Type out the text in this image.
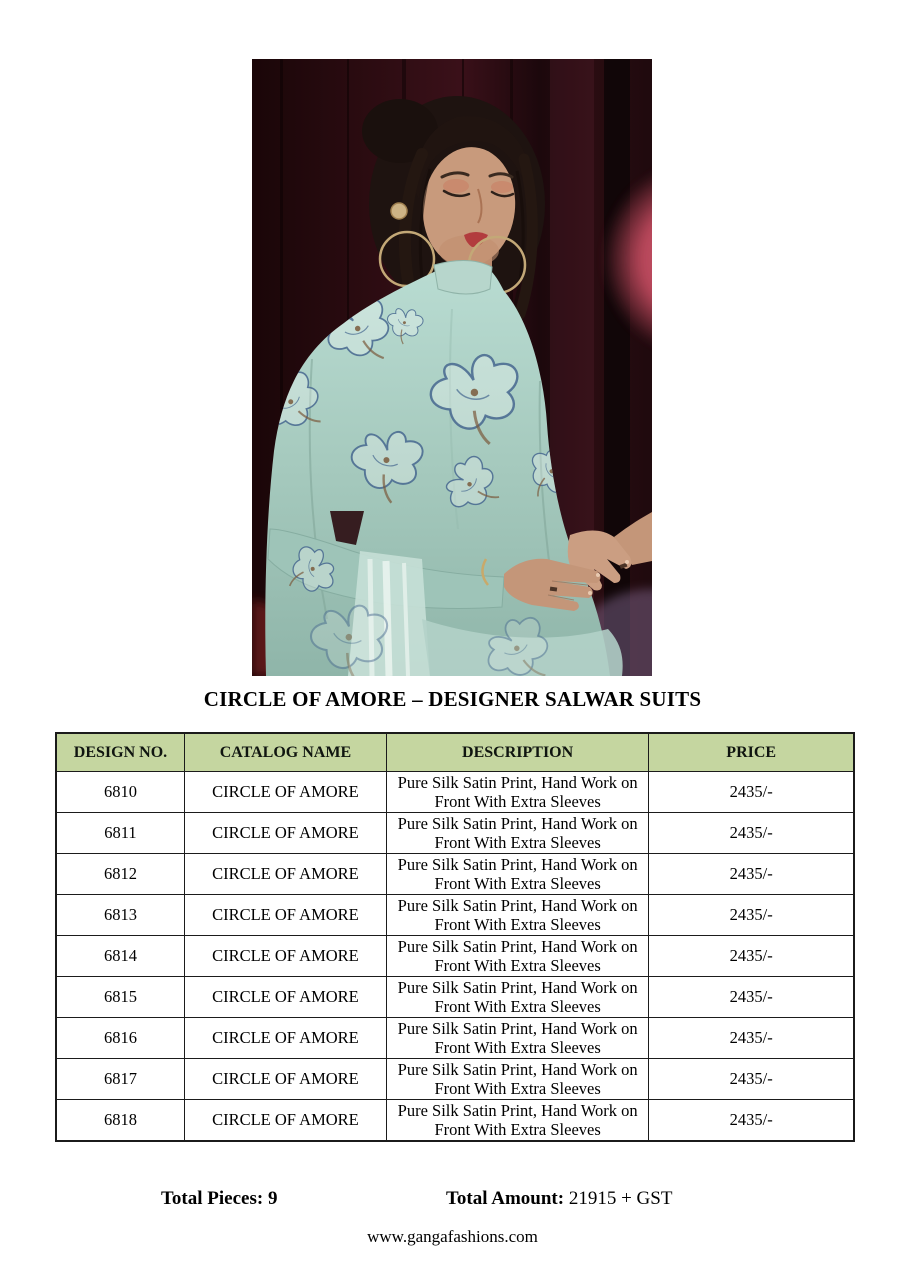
CIRCLE OF AMORE – DESIGNER SALWAR SUITS
DESIGN NO.	CATALOG NAME	DESCRIPTION	PRICE
6810	CIRCLE OF AMORE	Pure Silk Satin Print, Hand Work on Front With Extra Sleeves	2435/-
6811	CIRCLE OF AMORE	Pure Silk Satin Print, Hand Work on Front With Extra Sleeves	2435/-
6812	CIRCLE OF AMORE	Pure Silk Satin Print, Hand Work on Front With Extra Sleeves	2435/-
6813	CIRCLE OF AMORE	Pure Silk Satin Print, Hand Work on Front With Extra Sleeves	2435/-
6814	CIRCLE OF AMORE	Pure Silk Satin Print, Hand Work on Front With Extra Sleeves	2435/-
6815	CIRCLE OF AMORE	Pure Silk Satin Print, Hand Work on Front With Extra Sleeves	2435/-
6816	CIRCLE OF AMORE	Pure Silk Satin Print, Hand Work on Front With Extra Sleeves	2435/-
6817	CIRCLE OF AMORE	Pure Silk Satin Print, Hand Work on Front With Extra Sleeves	2435/-
6818	CIRCLE OF AMORE	Pure Silk Satin Print, Hand Work on Front With Extra Sleeves	2435/-
Total Pieces: 9	Total Amount: 21915 + GST
www.gangafashions.com
